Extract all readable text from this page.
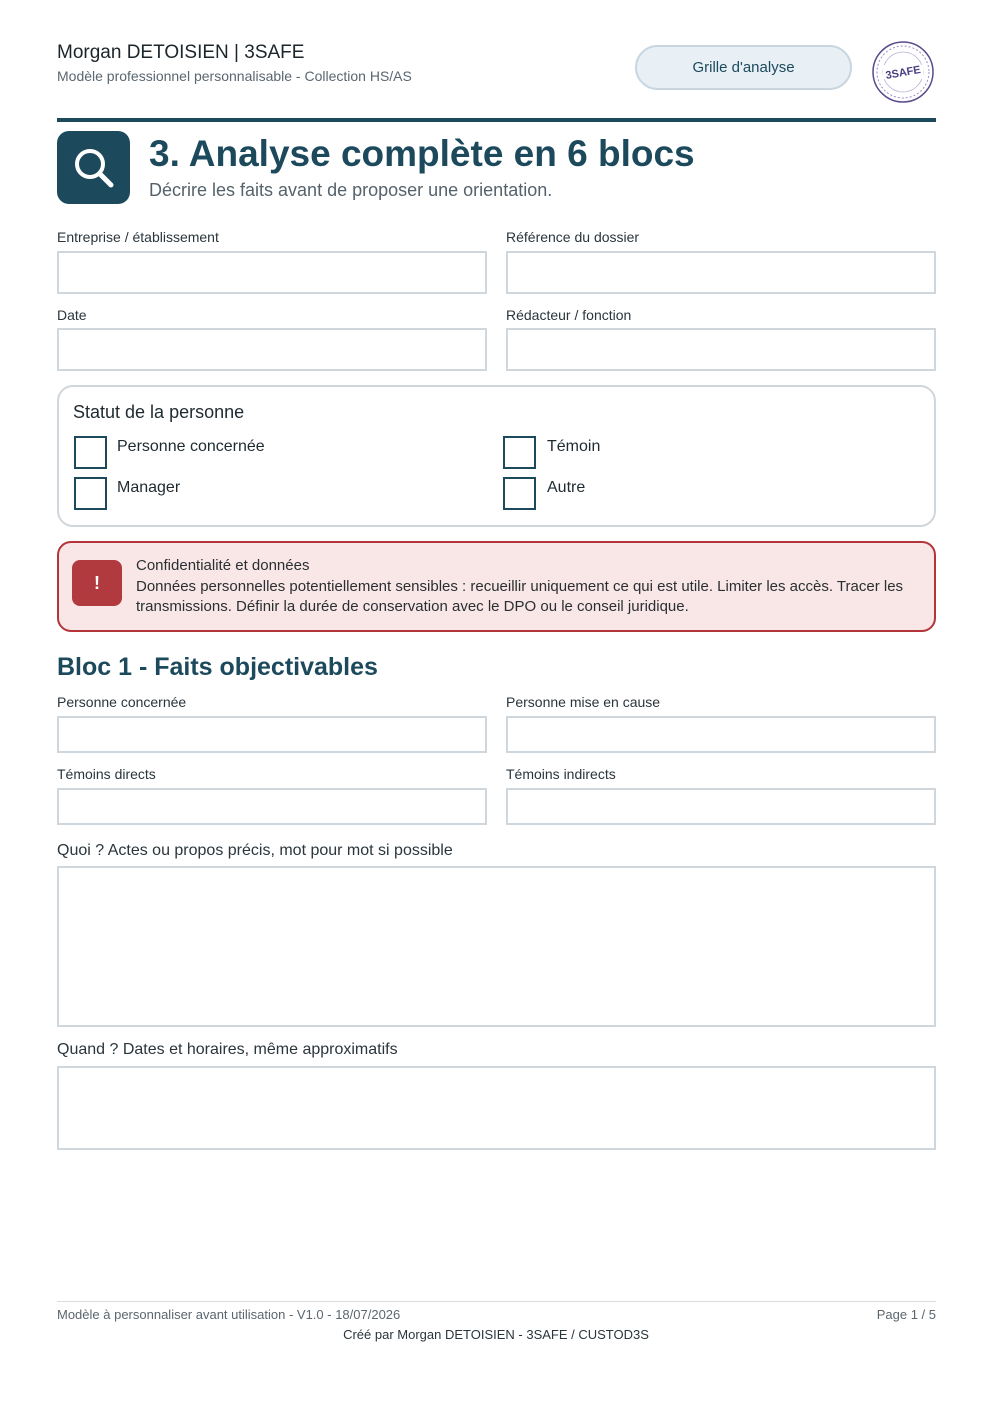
Morgan DETOISIEN | 3SAFE
Modèle professionnel personnalisable - Collection HS/AS	Grille d'analyse	3SAFE
3. Analyse complète en 6 blocs
Décrire les faits avant de proposer une orientation.
Entreprise / établissement	Référence du dossier
Date	Rédacteur / fonction
Statut de la personne
Personne concernée	Témoin
Manager	Autre
!
Confidentialité et données
Données personnelles potentiellement sensibles : recueillir uniquement ce qui est utile. Limiter les accès. Tracer les transmissions. Définir la durée de conservation avec le DPO ou le conseil juridique.
Bloc 1 - Faits objectivables
Personne concernée	Personne mise en cause
Témoins directs	Témoins indirects
Quoi ? Actes ou propos précis, mot pour mot si possible
Quand ? Dates et horaires, même approximatifs
Modèle à personnaliser avant utilisation - V1.0 - 18/07/2026	Page 1 / 5
Créé par Morgan DETOISIEN - 3SAFE / CUSTOD3S
